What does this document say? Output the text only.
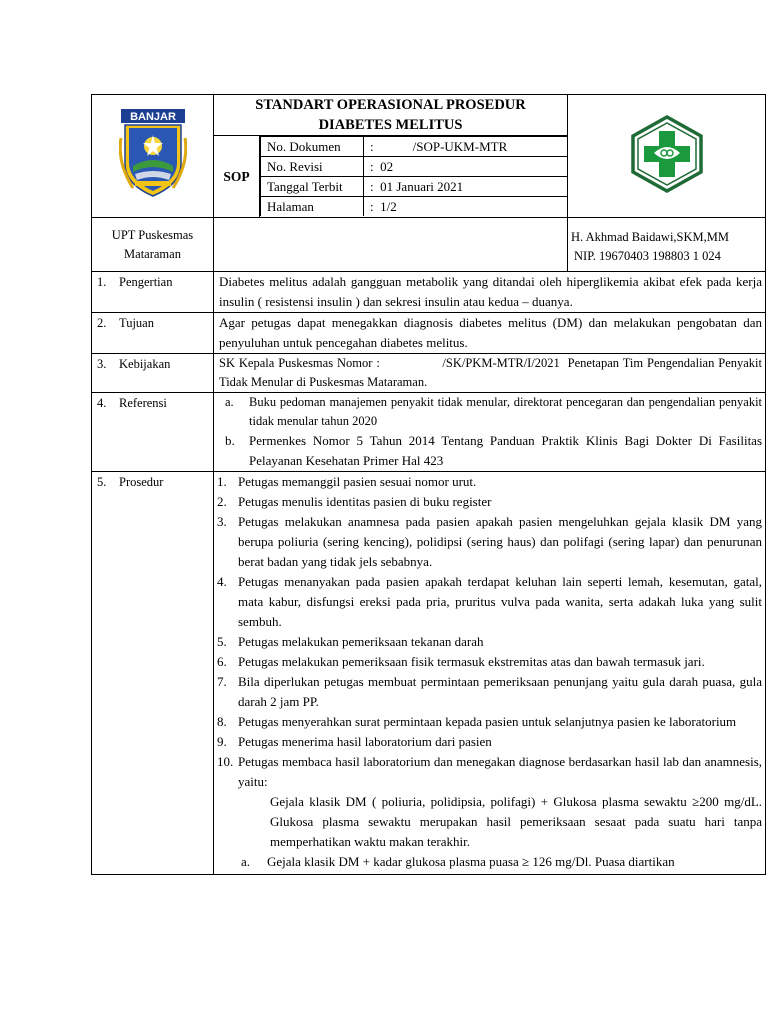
BANJAR

STANDART OPERASIONAL PROSEDUR
DIABETES MELITUS

SOP	
No. Dokumen	:            /SOP-UKM-MTR
No. Revisi	:  02
Tanggal Terbit	:  01 Januari 2021
Halaman	:  1/2

UPT Puskesmas
Mataraman

H. Akhmad Baidawi,SKM,MM
NIP. 19670403 198803 1 024

1. Pengertian	Diabetes melitus adalah gangguan metabolik yang ditandai oleh hiperglikemia akibat efek pada kerja insulin ( resistensi insulin ) dan sekresi insulin atau kedua – duanya.
2. Tujuan	Agar petugas dapat menegakkan diagnosis diabetes melitus (DM) dan melakukan pengobatan dan penyuluhan untuk pencegahan diabetes melitus.
3. Kebijakan	SK Kepala Puskesmas Nomor :                /SK/PKM-MTR/I/2021  Penetapan Tim Pengendalian Penyakit Tidak Menular di Puskesmas Mataraman.
4. Referensi	a.	Buku pedoman manajemen penyakit tidak menular, direktorat pencegaran dan pengendalian penyakit tidak menular tahun 2020
b.	Permenkes Nomor 5 Tahun 2014 Tentang Panduan Praktik Klinis Bagi Dokter Di Fasilitas Pelayanan Kesehatan Primer Hal 423

5. Prosedur	1. Petugas memanggil pasien sesuai nomor urut.
2. Petugas menulis identitas pasien di buku register
3. Petugas melakukan anamnesa pada pasien apakah pasien mengeluhkan gejala klasik DM yang berupa poliuria (sering kencing), polidipsi (sering haus) dan polifagi (sering lapar) dan penurunan berat badan yang tidak jels sebabnya.
4. Petugas menanyakan pada pasien apakah terdapat keluhan lain seperti lemah, kesemutan, gatal, mata kabur, disfungsi ereksi pada pria, pruritus vulva pada wanita, serta adakah luka yang sulit sembuh.
5. Petugas melakukan pemeriksaan tekanan darah
6. Petugas melakukan pemeriksaan fisik termasuk ekstremitas atas dan bawah termasuk jari.
7. Bila diperlukan petugas membuat permintaan pemeriksaan penunjang yaitu gula darah puasa, gula darah 2 jam PP.
8. Petugas menyerahkan surat permintaan kepada pasien untuk selanjutnya pasien ke laboratorium
9. Petugas menerima hasil laboratorium dari pasien
10. Petugas membaca hasil laboratorium dan menegakan diagnose berdasarkan hasil lab dan anamnesis, yaitu:
Gejala klasik DM ( poliuria, polidipsia, polifagi) + Glukosa plasma sewaktu ≥200 mg/dL. Glukosa plasma sewaktu merupakan hasil pemeriksaan sesaat pada suatu hari tanpa memperhatikan waktu makan terakhir.
a.	Gejala klasik DM + kadar glukosa plasma puasa ≥ 126 mg/Dl. Puasa diartikan
